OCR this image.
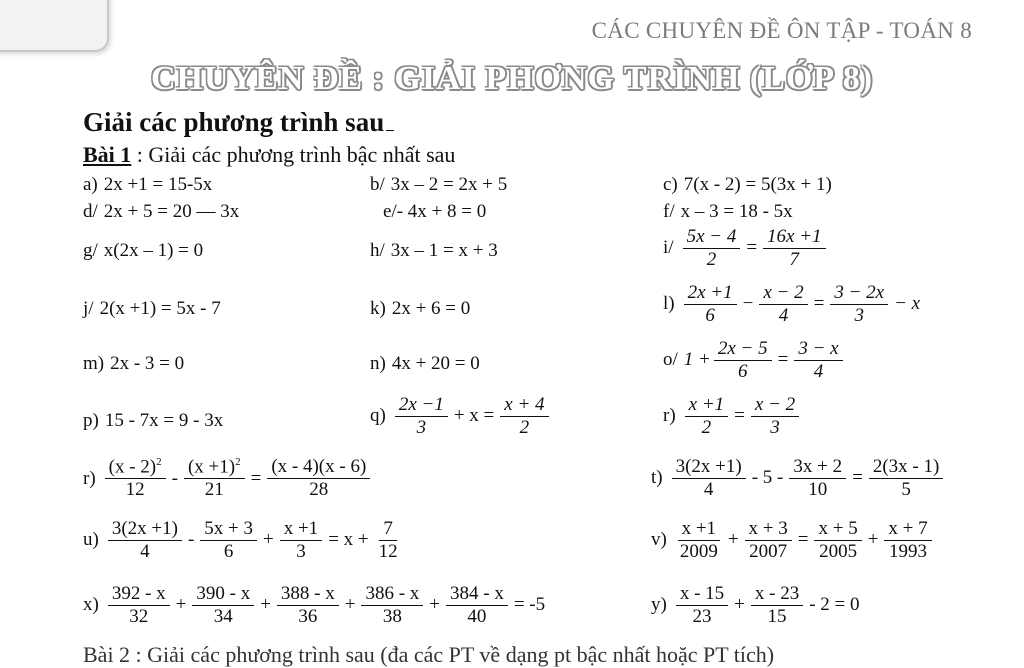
CÁC CHUYÊN ĐỀ ÔN TẬP - TOÁN 8
CHUYÊN ĐỀ : GIẢI PHƠNG TRÌNH (LỚP 8)
Giải các phương trình sau
Bài 1 : Giải các phương trình bậc nhất sau
a) 2x +1 = 15-5x	b/ 3x – 2 = 2x + 5	c) 7(x - 2) = 5(3x + 1)
d/ 2x + 5 = 20 — 3x	e/ - 4x + 8 = 0	f/ x – 3 = 18 - 5x
g/ x(2x – 1) = 0	h/ 3x – 1 = x + 3	$i/ \frac{5x - 4}{2} = \frac{16x +1}{7}$
j/ 2(x +1) = 5x - 7	k) 2x + 6 = 0	$l) \frac{2x +1}{6} - \frac{x - 2}{4} = \frac{3 - 2x}{3} - x$
m) 2x - 3 = 0	n) 4x + 20 = 0	o/ $1 + \frac{2x - 5}{6} = \frac{3 - x}{4}$
p) 15 - 7x = 9 - 3x	$q) \frac{2x -1}{3} + x = \frac{x + 4}{2}$	$r) \frac{x +1}{2} = \frac{x - 2}{3}$
$r) \frac{(x - 2)^2}{12} - \frac{(x +1)^2}{21} = \frac{(x - 4)(x - 6)}{28}$	$t) \frac{3(2x +1)}{4} - 5 - \frac{3x + 2}{10} = \frac{2(3x - 1)}{5}$
$u) \frac{3(2x +1)}{4} - \frac{5x + 3}{6} + \frac{x +1}{3} = x + \frac{7}{12}$	$v) \frac{x +1}{2009} + \frac{x + 3}{2007} = \frac{x + 5}{2005} + \frac{x + 7}{1993}$
$x) \frac{392 - x}{32} + \frac{390 - x}{34} + \frac{388 - x}{36} + \frac{386 - x}{38} + \frac{384 - x}{40} = -5$	$y) \frac{x - 15}{23} + \frac{x - 23}{15} - 2 = 0$
Bài 2 : Giải các phương trình sau (đa các PT về dạng pt bậc nhất hoặc PT tích)
